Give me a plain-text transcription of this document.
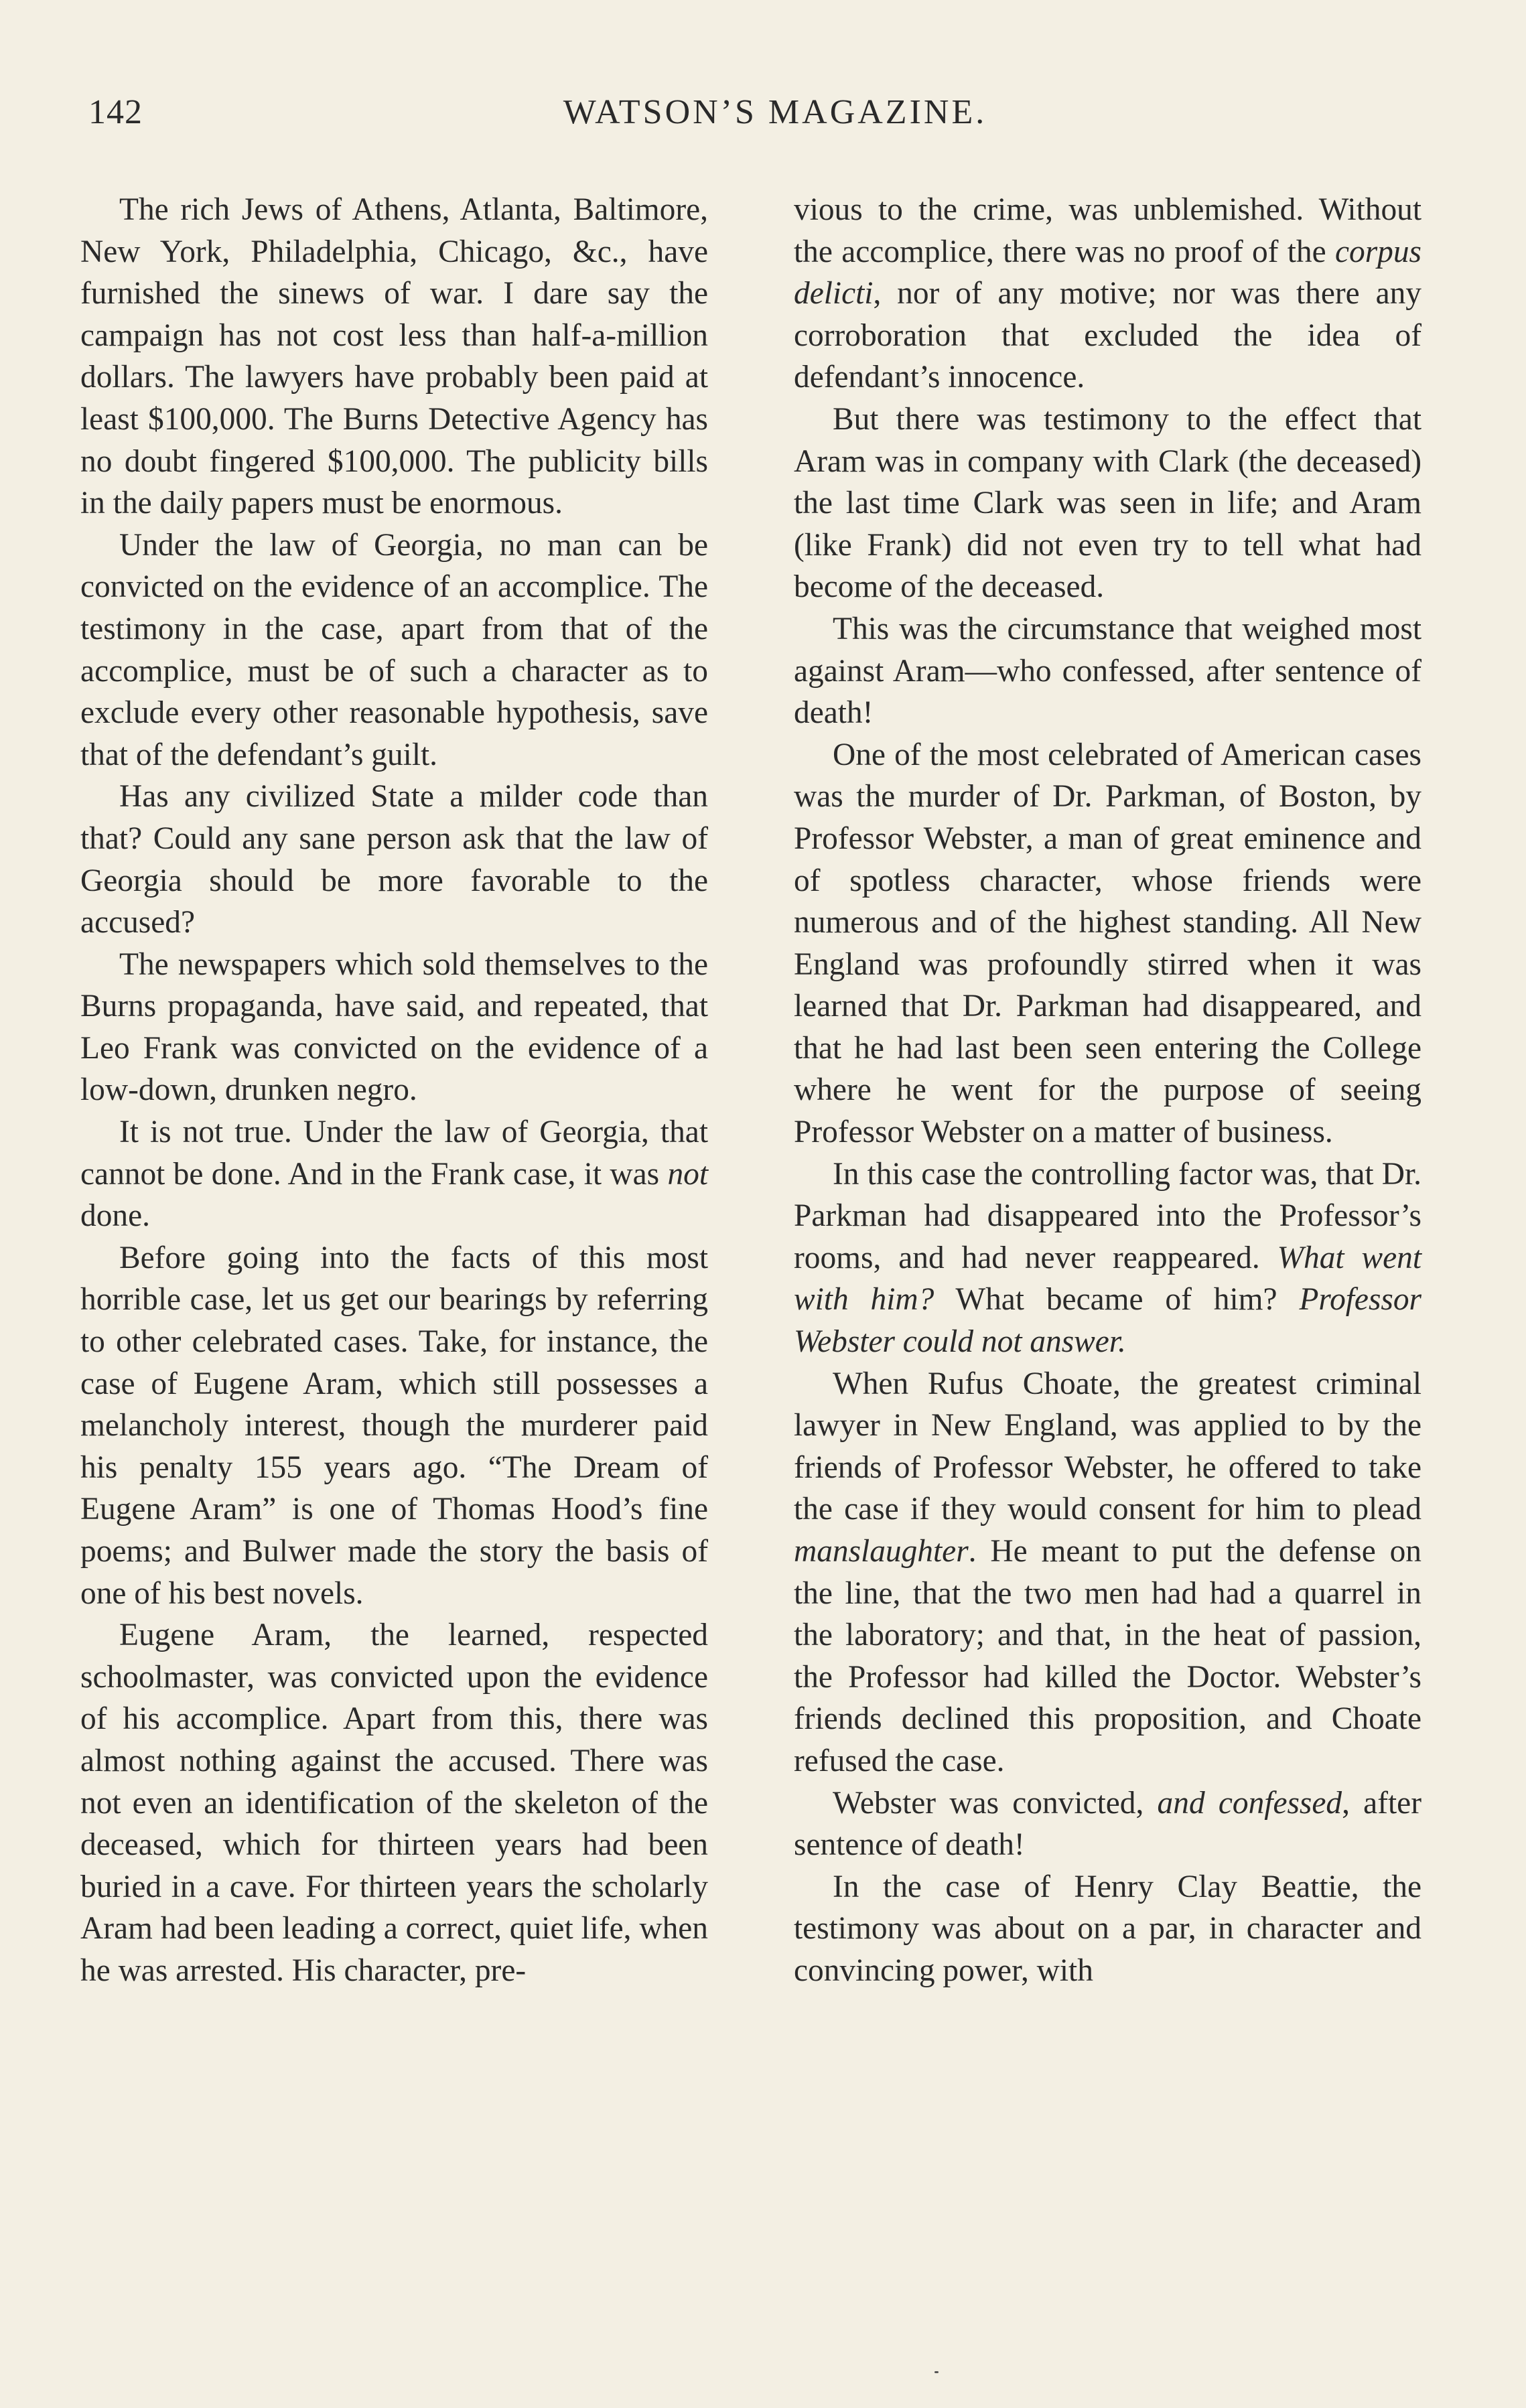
142	WATSON’S MAGAZINE.

The rich Jews of Athens, Atlanta, Baltimore, New York, Philadelphia, Chicago, &c., have furnished the sinews of war. I dare say the campaign has not cost less than half-a-million dollars. The lawyers have probably been paid at least $100,000. The Burns Detective Agency has no doubt fingered $100,000. The publicity bills in the daily papers must be enormous.

Under the law of Georgia, no man can be convicted on the evidence of an accomplice. The testimony in the case, apart from that of the accomplice, must be of such a character as to exclude every other reasonable hypothesis, save that of the defendant’s guilt.

Has any civilized State a milder code than that? Could any sane person ask that the law of Georgia should be more favorable to the accused?

The newspapers which sold themselves to the Burns propaganda, have said, and repeated, that Leo Frank was convicted on the evidence of a low-down, drunken negro.

It is not true. Under the law of Georgia, that cannot be done. And in the Frank case, it was not done.

Before going into the facts of this most horrible case, let us get our bearings by referring to other celebrated cases. Take, for instance, the case of Eugene Aram, which still possesses a melancholy interest, though the murderer paid his penalty 155 years ago. “The Dream of Eugene Aram” is one of Thomas Hood’s fine poems; and Bulwer made the story the basis of one of his best novels.

Eugene Aram, the learned, respected schoolmaster, was convicted upon the evidence of his accomplice. Apart from this, there was almost nothing against the accused. There was not even an identification of the skeleton of the deceased, which for thirteen years had been buried in a cave. For thirteen years the scholarly Aram had been leading a correct, quiet life, when he was arrested. His character, pre-

vious to the crime, was unblemished. Without the accomplice, there was no proof of the corpus delicti, nor of any motive; nor was there any corroboration that excluded the idea of defendant’s innocence.

But there was testimony to the effect that Aram was in company with Clark (the deceased) the last time Clark was seen in life; and Aram (like Frank) did not even try to tell what had become of the deceased.

This was the circumstance that weighed most against Aram—who confessed, after sentence of death!

One of the most celebrated of American cases was the murder of Dr. Parkman, of Boston, by Professor Webster, a man of great eminence and of spotless character, whose friends were numerous and of the highest standing. All New England was profoundly stirred when it was learned that Dr. Parkman had disappeared, and that he had last been seen entering the College where he went for the purpose of seeing Professor Webster on a matter of business.

In this case the controlling factor was, that Dr. Parkman had disappeared into the Professor’s rooms, and had never reappeared. What went with him? What became of him? Professor Webster could not answer.

When Rufus Choate, the greatest criminal lawyer in New England, was applied to by the friends of Professor Webster, he offered to take the case if they would consent for him to plead manslaughter. He meant to put the defense on the line, that the two men had had a quarrel in the laboratory; and that, in the heat of passion, the Professor had killed the Doctor. Webster’s friends declined this proposition, and Choate refused the case.

Webster was convicted, and confessed, after sentence of death!

In the case of Henry Clay Beattie, the testimony was about on a par, in character and convincing power, with
